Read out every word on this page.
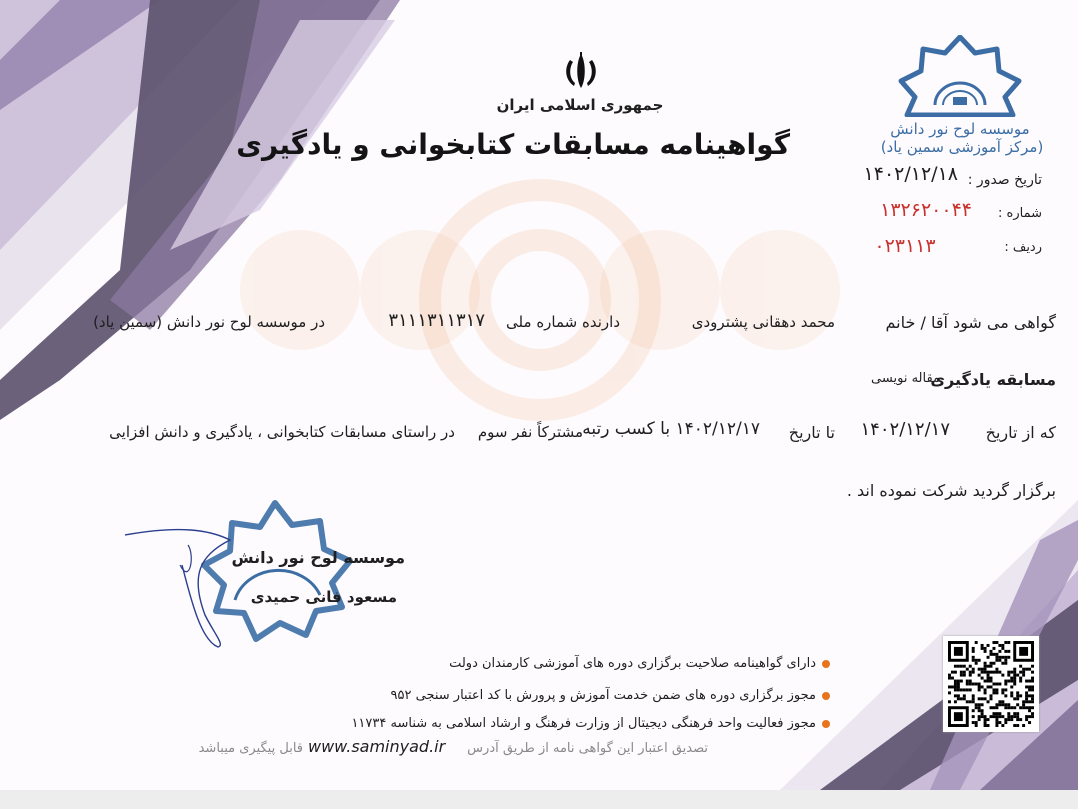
جمهوری اسلامی ایران
گواهینامه مسابقات کتابخوانی و یادگیری	موسسه لوح نور دانش
(مرکز آموزشی سمین یاد)
تاریخ صدور :
۱۴۰۲/۱۲/۱۸
شماره :
۱۳۲۶۲۰۰۴۴
ردیف :
۰۲۳۱۱۳
گواهی می شود آقا / خانم
محمد دهقانی پشترودی
دارنده شماره ملی
۳۱۱۱۳۱۱۳۱۷
در موسسه لوح نور دانش (سمین یاد)
مسابقه یادگیری
مقاله نویسی
که از تاریخ
۱۴۰۲/۱۲/۱۷
تا تاریخ
۱۴۰۲/۱۲/۱۷ با کسب رتبه
مشترکاً نفر سوم
در راستای مسابقات کتابخوانی ، یادگیری و دانش افزایی
برگزار گردید شرکت نموده اند .
موسسه لوح نور دانش
مسعود فانی حمیدی
دارای گواهینامه صلاحیت برگزاری دوره های آموزشی کارمندان دولت
مجوز برگزاری دوره های ضمن خدمت آموزش و پرورش با کد اعتبار سنجی ۹۵۲
مجوز فعالیت واحد فرهنگی دیجیتال از وزارت فرهنگ و ارشاد اسلامی به شناسه ۱۱۷۳۴
تصدیق اعتبار این گواهی نامه از طریق آدرس
www.saminyad.ir
قابل پیگیری میباشد
